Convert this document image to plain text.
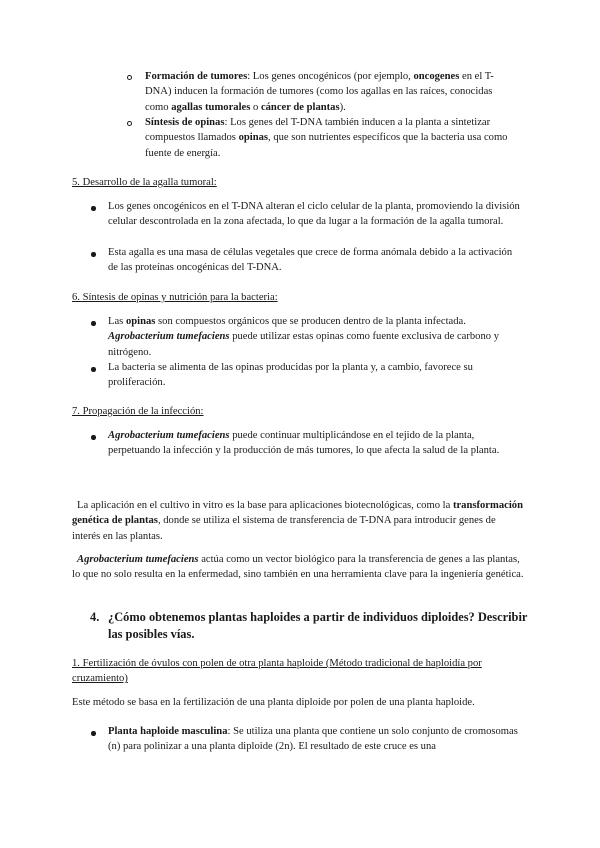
Formación de tumores: Los genes oncogénicos (por ejemplo, oncogenes en el T-DNA) inducen la formación de tumores (como los agallas en las raíces, conocidas como agallas tumorales o cáncer de plantas).
Síntesis de opinas: Los genes del T-DNA también inducen a la planta a sintetizar compuestos llamados opinas, que son nutrientes específicos que la bacteria usa como fuente de energía.
5. Desarrollo de la agalla tumoral:
Los genes oncogénicos en el T-DNA alteran el ciclo celular de la planta, promoviendo la división celular descontrolada en la zona afectada, lo que da lugar a la formación de la agalla tumoral.
Esta agalla es una masa de células vegetales que crece de forma anómala debido a la activación de las proteínas oncogénicas del T-DNA.
6. Síntesis de opinas y nutrición para la bacteria:
Las opinas son compuestos orgánicos que se producen dentro de la planta infectada. Agrobacterium tumefaciens puede utilizar estas opinas como fuente exclusiva de carbono y nitrógeno.
La bacteria se alimenta de las opinas producidas por la planta y, a cambio, favorece su proliferación.
7. Propagación de la infección:
Agrobacterium tumefaciens puede continuar multiplicándose en el tejido de la planta, perpetuando la infección y la producción de más tumores, lo que afecta la salud de la planta.
La aplicación en el cultivo in vitro es la base para aplicaciones biotecnológicas, como la transformación genética de plantas, donde se utiliza el sistema de transferencia de T-DNA para introducir genes de interés en las plantas.
Agrobacterium tumefaciens actúa como un vector biológico para la transferencia de genes a las plantas, lo que no solo resulta en la enfermedad, sino también en una herramienta clave para la ingeniería genética.
4. ¿Cómo obtenemos plantas haploides a partir de individuos diploides? Describir las posibles vías.
1. Fertilización de óvulos con polen de otra planta haploide (Método tradicional de haploidía por cruzamiento)
Este método se basa en la fertilización de una planta diploide por polen de una planta haploide.
Planta haploide masculina: Se utiliza una planta que contiene un solo conjunto de cromosomas (n) para polinizar a una planta diploide (2n). El resultado de este cruce es una
